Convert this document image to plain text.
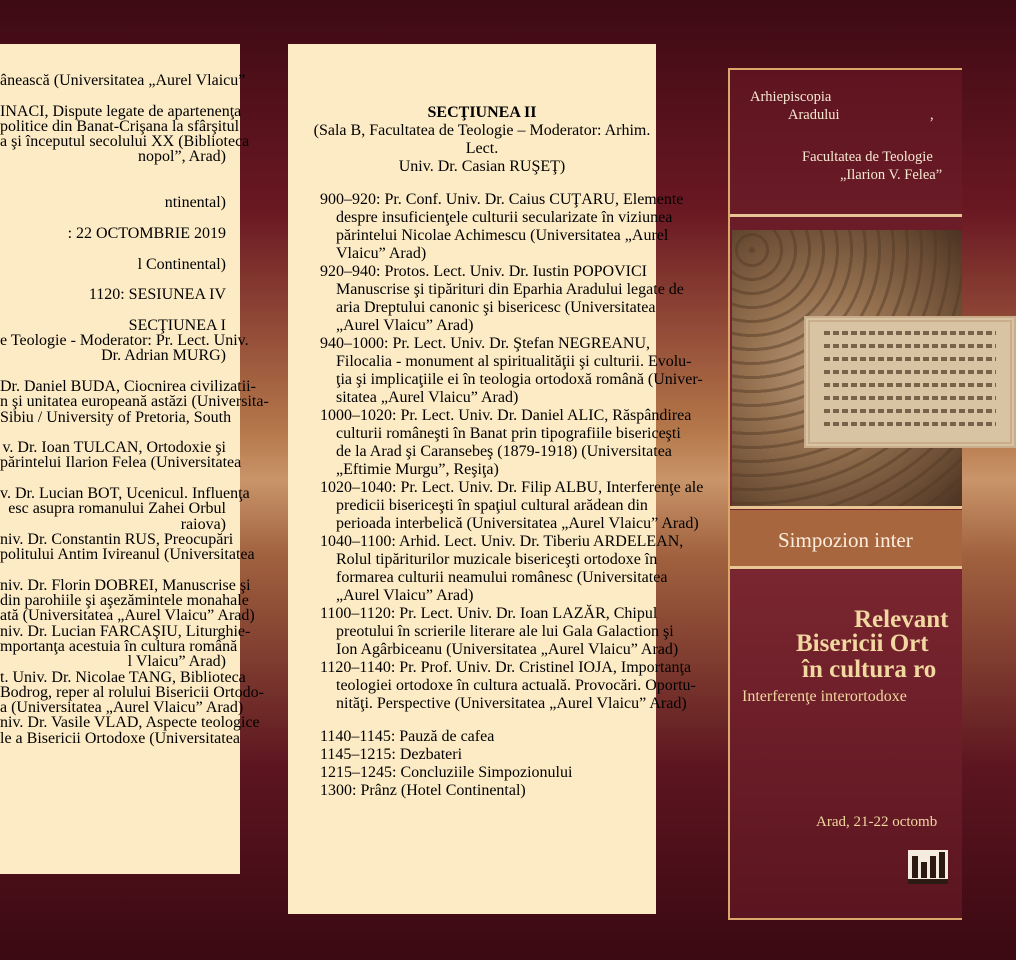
ânească (Universitatea „Aurel Vlaicu”
INACI, Dispute legate de apartenenţa
politice din Banat-Crişana la sfârşitul
a şi începutul secolului XX (Biblioteca
nopol”, Arad)
ntinental)
: 22 OCTOMBRIE 2019
l Continental)
1120: SESIUNEA IV
SECŢIUNEA I
e Teologie - Moderator: Pr. Lect. Univ.
Dr. Adrian MURG)
Dr. Daniel BUDA, Ciocnirea civilizatii-
n şi unitatea europeană astăzi (Universita-
Sibiu / University of Pretoria, South
v. Dr. Ioan TULCAN, Ortodoxie şi
părintelui Ilarion Felea (Universitatea
v. Dr. Lucian BOT, Ucenicul. Influenţa
esc asupra romanului Zahei Orbul
raiova)
niv. Dr. Constantin RUS, Preocupări
politului Antim Ivireanul (Universitatea
niv. Dr. Florin DOBREI, Manuscrise şi
din parohiile şi aşezămintele monahale
ată (Universitatea „Aurel Vlaicu” Arad)
niv. Dr. Lucian FARCAŞIU, Liturghie-
mportanţa acestuia în cultura română
l Vlaicu” Arad)
t. Univ. Dr. Nicolae TANG, Biblioteca
Bodrog, reper al rolului Bisericii Ortodo-
a (Universitatea „Aurel Vlaicu” Arad)
niv. Dr. Vasile VLAD, Aspecte teologice
le a Bisericii Ortodoxe (Universitatea
SECŢIUNEA II
(Sala B, Facultatea de Teologie – Moderator: Arhim. Lect.
Univ. Dr. Casian RUŞEŢ)
900–920: Pr. Conf. Univ. Dr. Caius CUŢARU, Elemente
despre insuficienţele culturii secularizate în viziunea
părintelui Nicolae Achimescu (Universitatea „Aurel
Vlaicu” Arad)
920–940: Protos. Lect. Univ. Dr. Iustin POPOVICI
Manuscrise şi tipărituri din Eparhia Aradului legate de
aria Dreptului canonic şi bisericesc (Universitatea
„Aurel Vlaicu” Arad)
940–1000: Pr. Lect. Univ. Dr. Ştefan NEGREANU,
Filocalia - monument al spiritualităţii şi culturii. Evolu-
ţia şi implicaţiile ei în teologia ortodoxă română (Univer-
sitatea „Aurel Vlaicu” Arad)
1000–1020: Pr. Lect. Univ. Dr. Daniel ALIC, Răspândirea
culturii româneşti în Banat prin tipografiile bisericeşti
de la Arad şi Caransebeş (1879-1918) (Universitatea
„Eftimie Murgu”, Reşiţa)
1020–1040: Pr. Lect. Univ. Dr. Filip ALBU, Interferenţe ale
predicii bisericeşti în spaţiul cultural arădean din
perioada interbelică (Universitatea „Aurel Vlaicu” Arad)
1040–1100: Arhid. Lect. Univ. Dr. Tiberiu ARDELEAN,
Rolul tipăriturilor muzicale bisericeşti ortodoxe în
formarea culturii neamului românesc (Universitatea
„Aurel Vlaicu” Arad)
1100–1120: Pr. Lect. Univ. Dr. Ioan LAZĂR, Chipul
preotului în scrierile literare ale lui Gala Galaction şi
Ion Agârbiceanu (Universitatea „Aurel Vlaicu” Arad)
1120–1140: Pr. Prof. Univ. Dr. Cristinel IOJA, Importanţa
teologiei ortodoxe în cultura actuală. Provocări. Oportu-
nităţi. Perspective (Universitatea „Aurel Vlaicu” Arad)
1140–1145: Pauză de cafea
1145–1215: Dezbateri
1215–1245: Concluziile Simpozionului
1300: Prânz (Hotel Continental)
Arhiepiscopia
Aradului	,
Facultatea de Teologie
„Ilarion V. Felea”
Simpozion inter
Relevant
Bisericii Ort
în cultura ro
Interferenţe interortodoxe
Arad, 21-22 octomb
